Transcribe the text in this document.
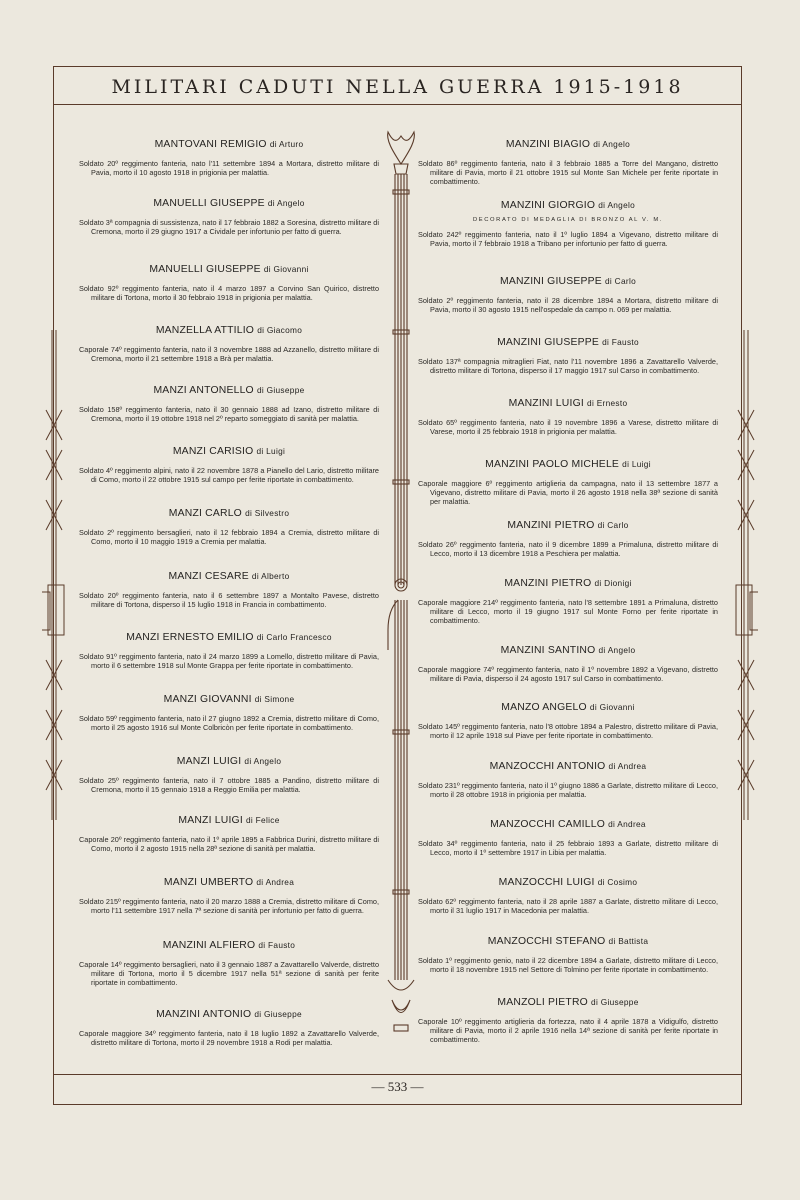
MILITARI CADUTI NELLA GUERRA 1915-1918
MANTOVANI REMIGIO di Arturo
Soldato 20º reggimento fanteria, nato l'11 settembre 1894 a Mortara, distretto militare di Pavia, morto il 10 agosto 1918 in prigionia per malattia.
MANUELLI GIUSEPPE di Angelo
Soldato 3ª compagnia di sussistenza, nato il 17 febbraio 1882 a Soresina, distretto militare di Cremona, morto il 29 giugno 1917 a Cividale per infortunio per fatto di guerra.
MANUELLI GIUSEPPE di Giovanni
Soldato 92º reggimento fanteria, nato il 4 marzo 1897 a Corvino San Quirico, distretto militare di Tortona, morto il 30 febbraio 1918 in prigionia per malattia.
MANZELLA ATTILIO di Giacomo
Caporale 74º reggimento fanteria, nato il 3 novembre 1888 ad Azzanello, distretto militare di Cremona, morto il 21 settembre 1918 a Brà per malattia.
MANZI ANTONELLO di Giuseppe
Soldato 158º reggimento fanteria, nato il 30 gennaio 1888 ad Izano, distretto militare di Cremona, morto il 19 ottobre 1918 nel 2º reparto someggiato di sanità per malattia.
MANZI CARISIO di Luigi
Soldato 4º reggimento alpini, nato il 22 novembre 1878 a Pianello del Lario, distretto militare di Como, morto il 22 ottobre 1915 sul campo per ferite riportate in combattimento.
MANZI CARLO di Silvestro
Soldato 2º reggimento bersaglieri, nato il 12 febbraio 1894 a Cremia, distretto militare di Como, morto il 10 maggio 1919 a Cremia per malattia.
MANZI CESARE di Alberto
Soldato 20º reggimento fanteria, nato il 6 settembre 1897 a Montalto Pavese, distretto militare di Tortona, disperso il 15 luglio 1918 in Francia in combattimento.
MANZI ERNESTO EMILIO di Carlo Francesco
Soldato 91º reggimento fanteria, nato il 24 marzo 1899 a Lomello, distretto militare di Pavia, morto il 6 settembre 1918 sul Monte Grappa per ferite riportate in combattimento.
MANZI GIOVANNI di Simone
Soldato 59º reggimento fanteria, nato il 27 giugno 1892 a Cremia, distretto militare di Como, morto il 25 agosto 1916 sul Monte Colbricòn per ferite riportate in combattimento.
MANZI LUIGI di Angelo
Soldato 25º reggimento fanteria, nato il 7 ottobre 1885 a Pandino, distretto militare di Cremona, morto il 15 gennaio 1918 a Reggio Emilia per malattia.
MANZI LUIGI di Felice
Caporale 20º reggimento fanteria, nato il 1º aprile 1895 a Fabbrica Durini, distretto militare di Como, morto il 2 agosto 1915 nella 28ª sezione di sanità per malattia.
MANZI UMBERTO di Andrea
Soldato 215º reggimento fanteria, nato il 20 marzo 1888 a Cremia, distretto militare di Como, morto l'11 settembre 1917 nella 7ª sezione di sanità per infortunio per fatto di guerra.
MANZINI ALFIERO di Fausto
Caporale 14º reggimento bersaglieri, nato il 3 gennaio 1887 a Zavattarello Valverde, distretto militare di Tortona, morto il 5 dicembre 1917 nella 51ª sezione di sanità per ferite riportate in combattimento.
MANZINI ANTONIO di Giuseppe
Caporale maggiore 34º reggimento fanteria, nato il 18 luglio 1892 a Zavattarello Valverde, distretto militare di Tortona, morto il 29 novembre 1918 a Rodi per malattia.
MANZINI BIAGIO di Angelo
Soldato 86º reggimento fanteria, nato il 3 febbraio 1885 a Torre del Mangano, distretto militare di Pavia, morto il 21 ottobre 1915 sul Monte San Michele per ferite riportate in combattimento.
MANZINI GIORGIO di Angelo
DECORATO DI MEDAGLIA DI BRONZO AL V. M.
Soldato 242º reggimento fanteria, nato il 1º luglio 1894 a Vigevano, distretto militare di Pavia, morto il 7 febbraio 1918 a Tribano per infortunio per fatto di guerra.
MANZINI GIUSEPPE di Carlo
Soldato 2º reggimento fanteria, nato il 28 dicembre 1894 a Mortara, distretto militare di Pavia, morto il 30 agosto 1915 nell'ospedale da campo n. 069 per malattia.
MANZINI GIUSEPPE di Fausto
Soldato 137ª compagnia mitraglieri Fiat, nato l'11 novembre 1896 a Zavattarello Valverde, distretto militare di Tortona, disperso il 17 maggio 1917 sul Carso in combattimento.
MANZINI LUIGI di Ernesto
Soldato 65º reggimento fanteria, nato il 19 novembre 1896 a Varese, distretto militare di Varese, morto il 25 febbraio 1918 in prigionia per malattia.
MANZINI PAOLO MICHELE di Luigi
Caporale maggiore 6º reggimento artiglieria da campagna, nato il 13 settembre 1877 a Vigevano, distretto militare di Pavia, morto il 26 agosto 1918 nella 38ª sezione di sanità per malattia.
MANZINI PIETRO di Carlo
Soldato 26º reggimento fanteria, nato il 9 dicembre 1899 a Primaluna, distretto militare di Lecco, morto il 13 dicembre 1918 a Peschiera per malattia.
MANZINI PIETRO di Dionigi
Caporale maggiore 214º reggimento fanteria, nato l'8 settembre 1891 a Primaluna, distretto militare di Lecco, morto il 19 giugno 1917 sul Monte Forno per ferite riportate in combattimento.
MANZINI SANTINO di Angelo
Caporale maggiore 74º reggimento fanteria, nato il 1º novembre 1892 a Vigevano, distretto militare di Pavia, disperso il 24 agosto 1917 sul Carso in combattimento.
MANZO ANGELO di Giovanni
Soldato 145º reggimento fanteria, nato l'8 ottobre 1894 a Palestro, distretto militare di Pavia, morto il 12 aprile 1918 sul Piave per ferite riportate in combattimento.
MANZOCCHI ANTONIO di Andrea
Soldato 231º reggimento fanteria, nato il 1º giugno 1886 a Garlate, distretto militare di Lecco, morto il 28 ottobre 1918 in prigionia per malattia.
MANZOCCHI CAMILLO di Andrea
Soldato 34º reggimento fanteria, nato il 25 febbraio 1893 a Garlate, distretto militare di Lecco, morto il 1º settembre 1917 in Libia per malattia.
MANZOCCHI LUIGI di Cosimo
Soldato 62º reggimento fanteria, nato il 28 aprile 1887 a Garlate, distretto militare di Lecco, morto il 31 luglio 1917 in Macedonia per malattia.
MANZOCCHI STEFANO di Battista
Soldato 1º reggimento genio, nato il 22 dicembre 1894 a Garlate, distretto militare di Lecco, morto il 18 novembre 1915 nel Settore di Tolmino per ferite riportate in combattimento.
MANZOLI PIETRO di Giuseppe
Caporale 10º reggimento artiglieria da fortezza, nato il 4 aprile 1878 a Vidigulfo, distretto militare di Pavia, morto il 2 aprile 1916 nella 14ª sezione di sanità per ferite riportate in combattimento.
— 533 —
